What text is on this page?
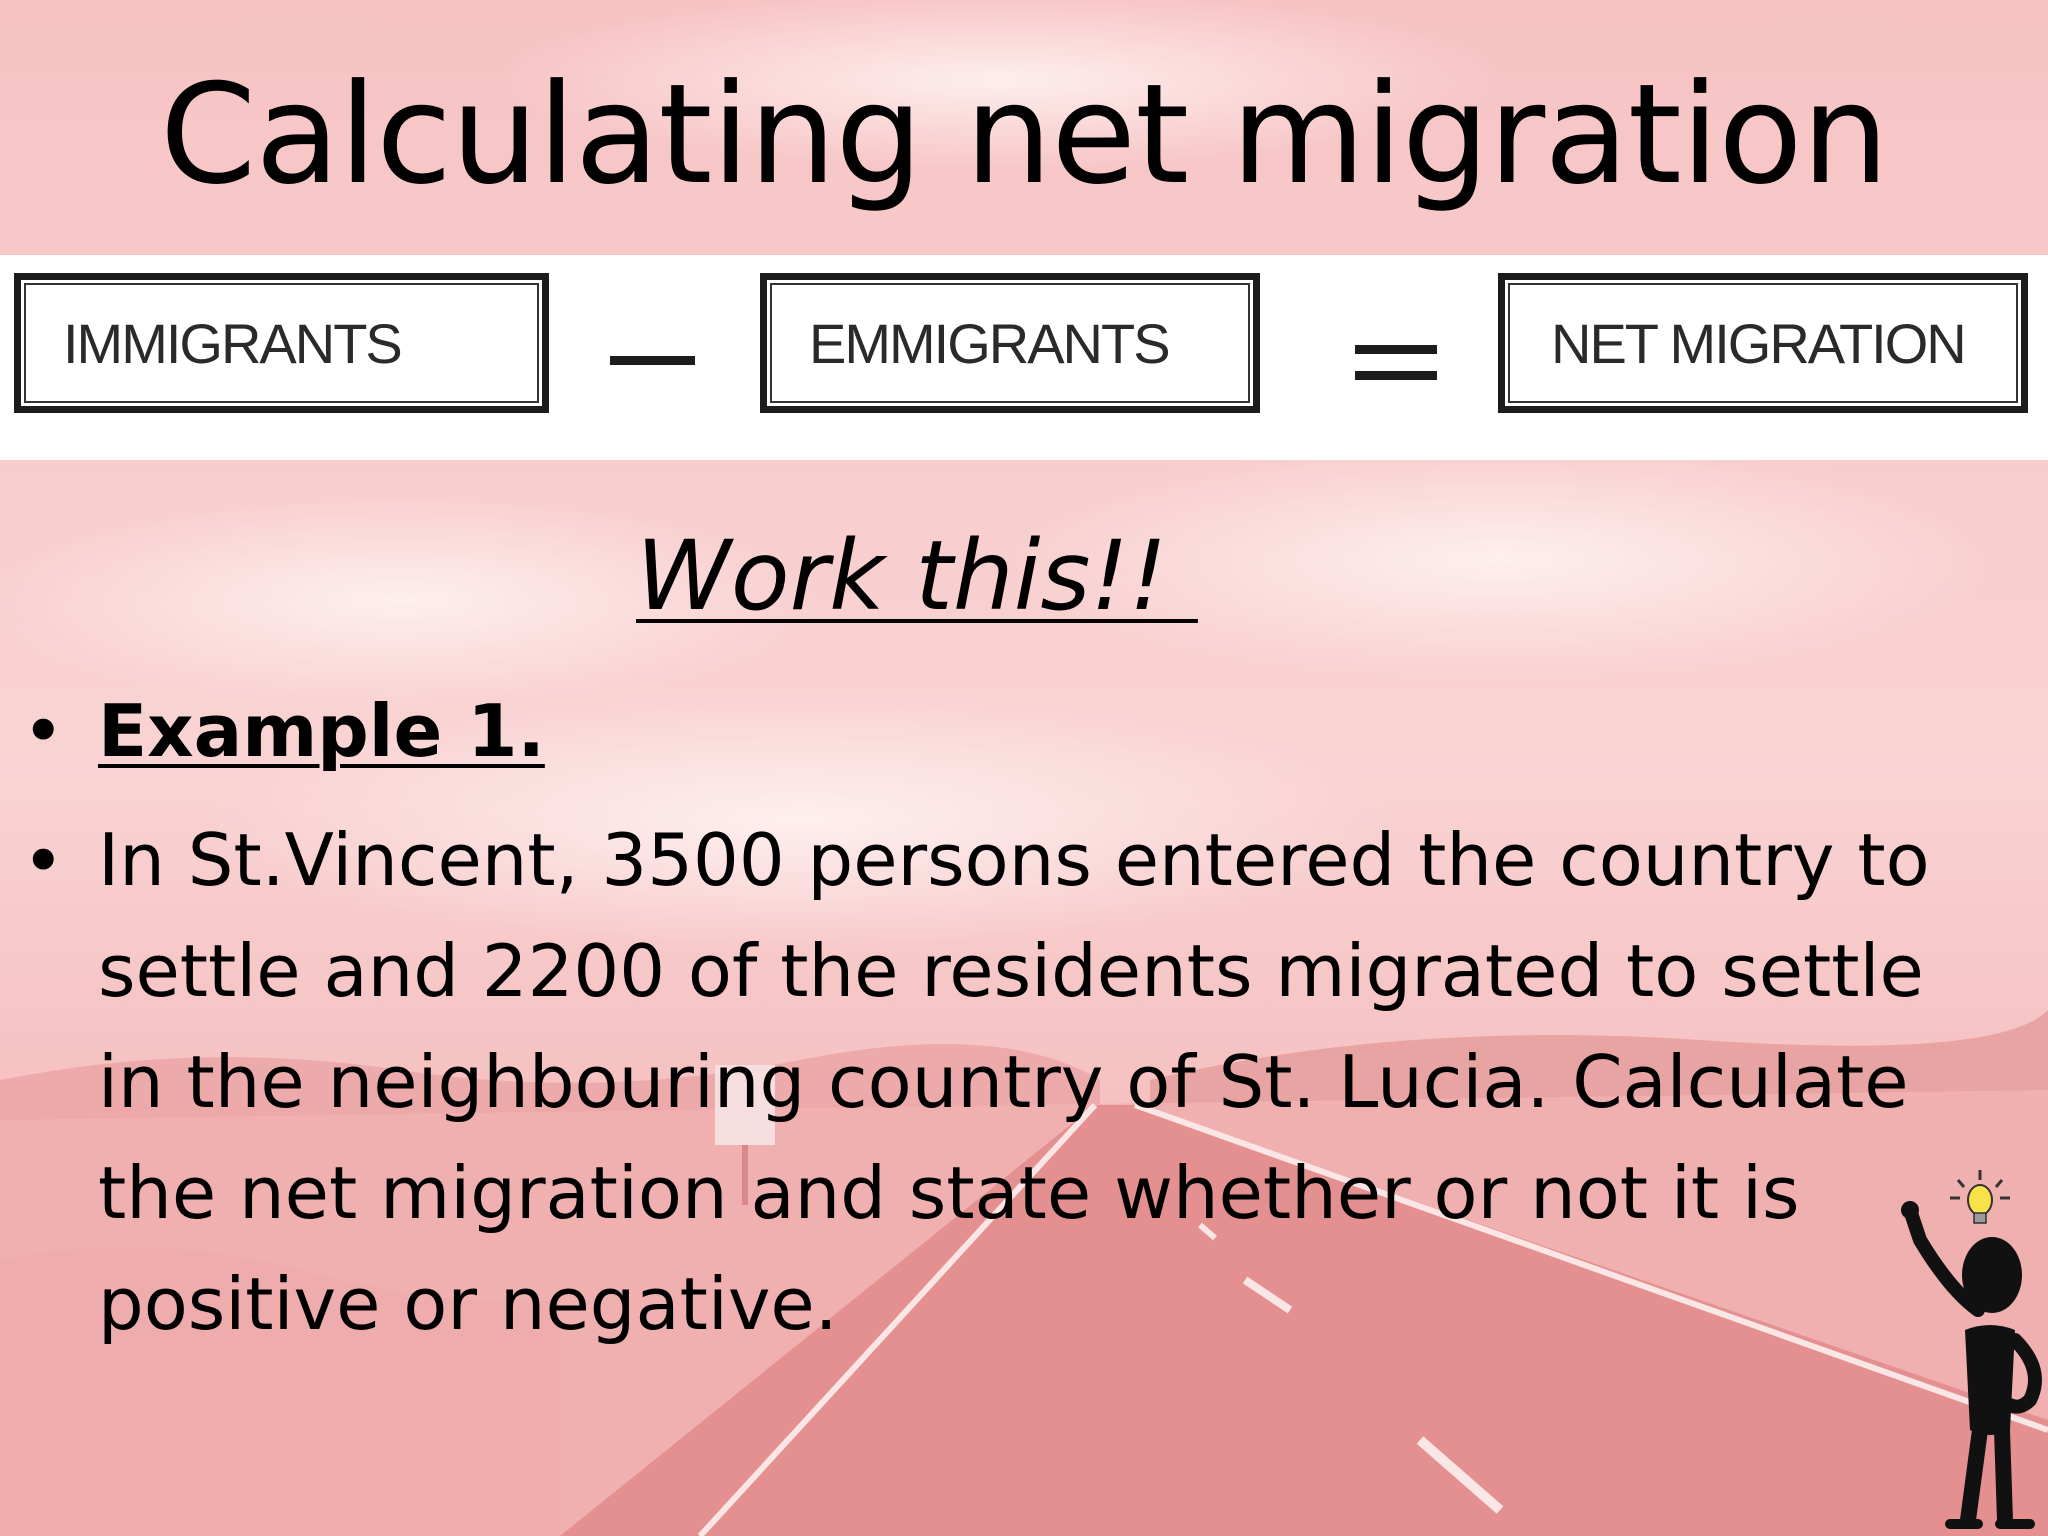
Calculating net migration
IMMIGRANTS	EMMIGRANTS	NET MIGRATION
Work this!!
• Example 1.
• In St.Vincent, 3500 persons entered the country to settle and 2200 of the residents migrated to settle in the neighbouring country of St. Lucia. Calculate the net migration and state whether or not it is positive or negative.
